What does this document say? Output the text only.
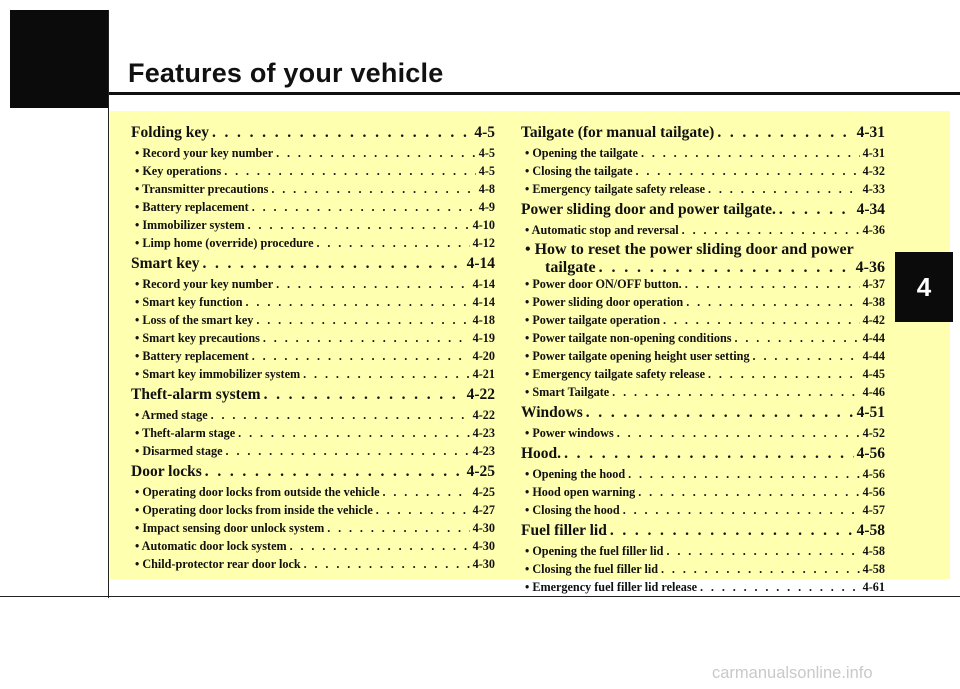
Features of your vehicle
4
Folding key . . .	4-5
• Record your key number . . .	4-5
• Key operations . . .	4-5
• Transmitter precautions . . .	4-8
• Battery replacement . . .	4-9
• Immobilizer system . . .	4-10
• Limp home (override) procedure . . .	4-12
Smart key . . .	4-14
• Record your key number . . .	4-14
• Smart key function . . .	4-14
• Loss of the smart key . . .	4-18
• Smart key precautions . . .	4-19
• Battery replacement . . .	4-20
• Smart key immobilizer system . . .	4-21
Theft-alarm system . . .	4-22
• Armed stage . . .	4-22
• Theft-alarm stage . . .	4-23
• Disarmed stage . . .	4-23
Door locks . . .	4-25
• Operating door locks from outside the vehicle . . .	4-25
• Operating door locks from inside the vehicle . . .	4-27
• Impact sensing door unlock system . . .	4-30
• Automatic door lock system . . .	4-30
• Child-protector rear door lock . . .	4-30
Tailgate (for manual tailgate) . . .	4-31
• Opening the tailgate . . .	4-31
• Closing the tailgate . . .	4-32
• Emergency tailgate safety release . . .	4-33
Power sliding door and power tailgate. . . .	4-34
• Automatic stop and reversal . . .	4-36
• How to reset the power sliding door and power
tailgate . . .	4-36
• Power door ON/OFF button. . . .	4-37
• Power sliding door operation . . .	4-38
• Power tailgate operation . . .	4-42
• Power tailgate non-opening conditions . . .	4-44
• Power tailgate opening height user setting . . .	4-44
• Emergency tailgate safety release . . .	4-45
• Smart Tailgate . . .	4-46
Windows . . .	4-51
• Power windows . . .	4-52
Hood. . . .	4-56
• Opening the hood . . .	4-56
• Hood open warning . . .	4-56
• Closing the hood . . .	4-57
Fuel filler lid . . .	4-58
• Opening the fuel filler lid . . .	4-58
• Closing the fuel filler lid . . .	4-58
• Emergency fuel filler lid release . . .	4-61
carmanualsonline.info
